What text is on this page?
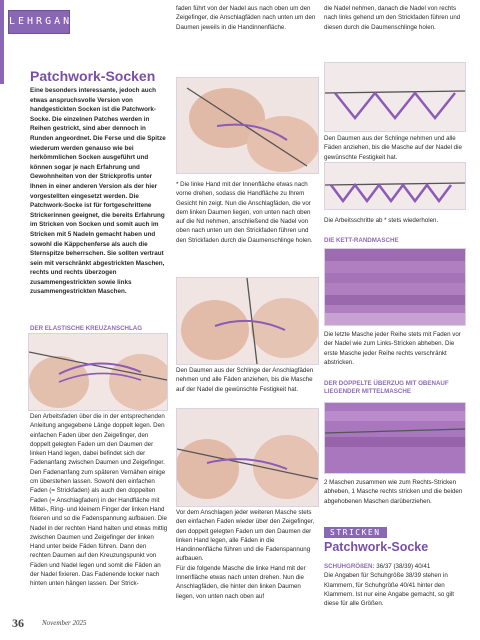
LEHRGANG
Patchwork-Socken

Eine besonders interessante, jedoch auch etwas anspruchsvolle Version von handgestickten Socken ist die Patchwork-Socke. Die einzelnen Patches werden in Reihen gestrickt, sind aber dennoch in Runden angeordnet. Die Ferse und die Spitze wiederum werden genauso wie bei herkömmlichen Socken ausgeführt und können sogar je nach Erfahrung und Gewohnheiten von der Strickprofis unter Ihnen in einer anderen Version als der hier vorgestellten eingesetzt werden. Die Patchwork-Socke ist für fortgeschrittene Strickerinnen geeignet, die bereits Erfahrung im Stricken von Socken und somit auch im Stricken mit 5 Nadeln gemacht haben und sowohl die Käppchenferse als auch die Sternspitze beherrschen. Sie sollten vertraut sein mit verschränkt abgestrickten Maschen, rechts und rechts überzogen zusammengestrickten sowie links zusammengestrickten Maschen.

DER ELASTISCHE KREUZANSCHLAG

Den Arbeitsfaden über die in der entsprechenden Anleitung angegebene Länge doppelt legen. Den einfachen Faden über den Zeigefinger, den doppelt gelegten Faden um den Daumen der linken Hand legen, dabei befindet sich der Fadenanfang zwischen Daumen und Zeigefinger. Den Fadenanfang zum späteren Vernähen einige cm überstehen lassen. Sowohl den einfachen Faden (= Strickfaden) als auch den doppelten Faden (= Anschlagfaden) in der Handfläche mit Mittel-, Ring- und kleinem Finger der linken Hand fixieren und so die Fadenspannung aufbauen. Die Nadel in der rechten Hand halten und etwas mittig zwischen Daumen und Zeigefinger der linken Hand unter beide Fäden führen. Dann den rechten Daumen auf den Kreuzungspunkt von Fäden und Nadel legen und somit die Fäden an der Nadel fixieren. Das Fadenende locker nach hinten unten hängen lassen. Der Strick-

faden führt von der Nadel aus nach oben um den Zeigefinger, die Anschlagfäden nach unten um den Daumen jeweils in die Handinnenfläche.

* Die linke Hand mit der Innenfläche etwas nach vorne drehen, sodass die Handfläche zu Ihrem Gesicht hin zeigt. Nun die Anschlagfäden, die vor dem linken Daumen liegen, von unten nach oben auf die Nd nehmen, anschließend die Nadel von oben nach unten um den Strickfaden führen und den Strickfaden durch die Daumenschlinge holen.

Den Daumen aus der Schlinge der Anschlagfäden nehmen und alle Fäden anziehen, bis die Masche auf der Nadel die gewünschte Festigkeit hat.

Vor dem Anschlagen jeder weiteren Masche stets den einfachen Faden wieder über den Zeigefinger, den doppelt gelegten Faden um den Daumen der linken Hand legen, alle Fäden in die Handinnenfläche führen und die Fadenspannung aufbauen.
Für die folgende Masche die linke Hand mit der Innenfläche etwas nach unten drehen. Nun die Anschlagfäden, die hinter den linken Daumen liegen, von unten nach oben auf

die Nadel nehmen, danach die Nadel von rechts nach links gehend um den Strickfaden führen und diesen durch die Daumenschlinge holen.

Den Daumen aus der Schlinge nehmen und alle Fäden anziehen, bis die Masche auf der Nadel die gewünschte Festigkeit hat.

Die Arbeitsschritte ab * stets wiederholen.

DIE KETT-RANDMASCHE

Die letzte Masche jeder Reihe stets mit Faden vor der Nadel wie zum Links-Stricken abheben. Die erste Masche jeder Reihe rechts verschränkt abstricken.

DER DOPPELTE ÜBERZUG MIT OBENAUF LIEGENDER MITTELMASCHE

2 Maschen zusammen wie zum Rechts-Stricken abheben, 1 Masche rechts stricken und die beiden abgehobenen Maschen darüberziehen.

STRICKEN
Patchwork-Socke

SCHUHGRÖßEN: 36/37 (38/39) 40/41
Die Angaben für Schuhgröße 38/39 stehen in Klammern, für Schuhgröße 40/41 hinter den Klammern. Ist nur eine Angabe gemacht, so gilt diese für alle Größen.

36	November 2025
